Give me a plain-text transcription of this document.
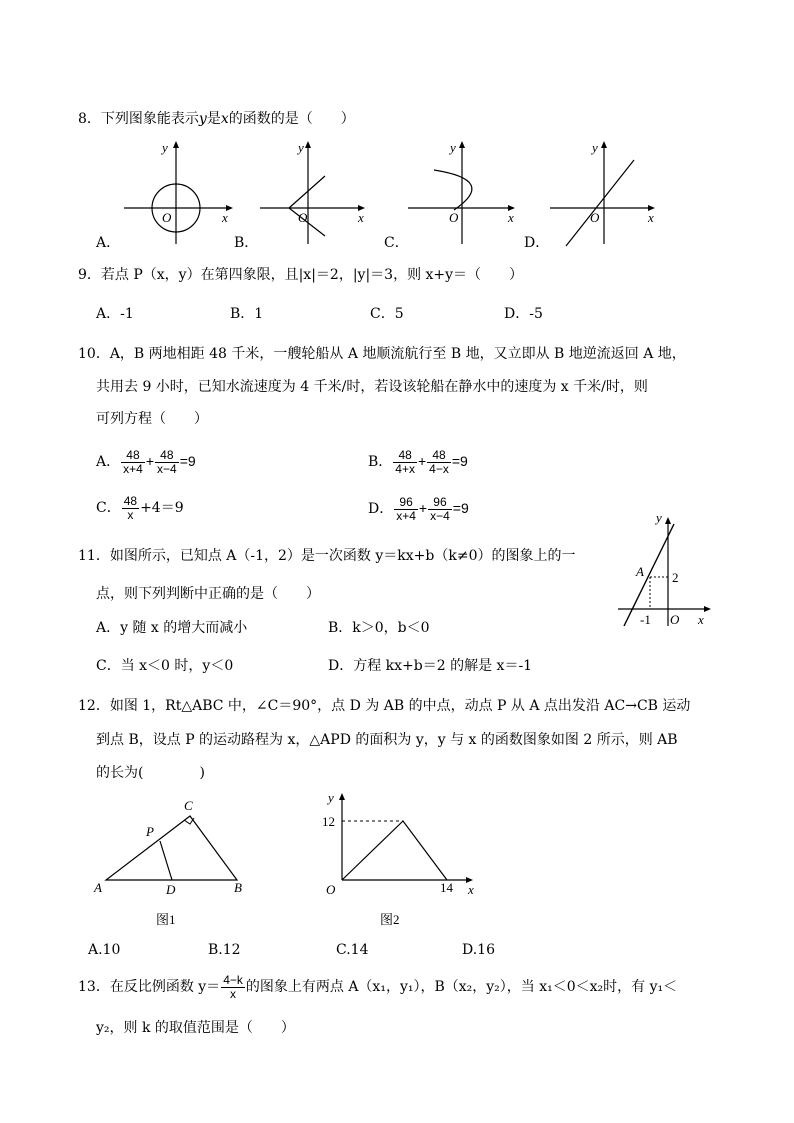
8．下列图象能表示y是x的函数的是（　　）
y
x
O
A．
y
x
O
B．
y
x
O
C．
y
x
O
D．
9．若点 P（x，y）在第四象限，且|x|＝2，|y|＝3，则 x+y＝（　　）
A．-1	B．1	C．5	D．-5
10．A，B 两地相距 48 千米，一艘轮船从 A 地顺流航行至 B 地，又立即从 B 地逆流返回 A 地，
共用去 9 小时，已知水流速度为 4 千米/时，若设该轮船在静水中的速度为 x 千米/时，则
可列方程（　　）
A． $\frac{48}{x+4} + \frac{48}{x-4} =9$	B． $\frac{48}{4+x} + \frac{48}{4-x} =9$
C． $\frac{48}{x} +4=9$	D． $\frac{96}{x+4} + \frac{96}{x-4} =9$
11．如图所示，已知点 A（-1，2）是一次函数 y＝kx+b（k≠0）的图象上的一
点，则下列判断中正确的是（　　）
A．y 随 x 的增大而减小	B．k＞0，b＜0
C．当 x＜0 时，y＜0	D．方程 kx+b＝2 的解是 x＝-1
y
x
O
A 2
-1
12．如图 1，Rt△ABC 中，∠C＝90°，点 D 为 AB 的中点，动点 P 从 A 点出发沿 AC→CB 运动
到点 B，设点 P 的运动路程为 x，△APD 的面积为 y，y 与 x 的函数图象如图 2 所示，则 AB
的长为(　　　　)
C
P
A	D	B
图1
y
12
O	14 x
图2
A.10	B.12	C.14	D.16
13．在反比例函数 $y= \frac{4-k}{x}$ 的图象上有两点 A（x₁，y₁），B（x₂，y₂），当 x₁＜0＜x₂时，有 y₁＜
y₂，则 k 的取值范围是（　　）
